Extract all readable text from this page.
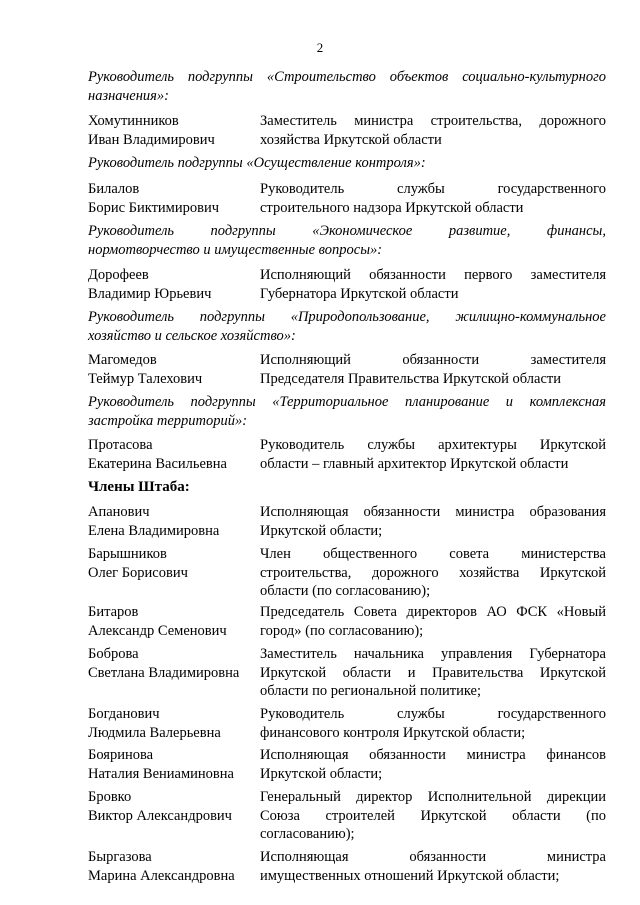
2
Руководитель подгруппы «Строительство объектов социально-культурного
назначения»:
Хомутинников
Иван Владимирович
Заместитель министра строительства, дорожного
хозяйства Иркутской области
Руководитель подгруппы «Осуществление контроля»:
Билалов
Борис Биктимирович
Руководитель службы государственного
строительного надзора Иркутской области
Руководитель подгруппы «Экономическое развитие, финансы,
нормотворчество и имущественные вопросы»:
Дорофеев
Владимир Юрьевич
Исполняющий обязанности первого заместителя
Губернатора Иркутской области
Руководитель подгруппы «Природопользование, жилищно-коммунальное
хозяйство и сельское хозяйство»:
Магомедов
Теймур Талехович
Исполняющий обязанности заместителя
Председателя Правительства Иркутской области
Руководитель подгруппы «Территориальное планирование и комплексная
застройка территорий»:
Протасова
Екатерина Васильевна
Руководитель службы архитектуры Иркутской
области – главный архитектор Иркутской области
Члены Штаба:
Апанович
Елена Владимировна
Исполняющая обязанности министра образования
Иркутской области;
Барышников
Олег Борисович
Член общественного совета министерства
строительства, дорожного хозяйства Иркутской
области (по согласованию);
Битаров
Александр Семенович
Председатель Совета директоров АО ФСК «Новый
город» (по согласованию);
Боброва
Светлана Владимировна
Заместитель начальника управления Губернатора
Иркутской области и Правительства Иркутской
области по региональной политике;
Богданович
Людмила Валерьевна
Руководитель службы государственного
финансового контроля Иркутской области;
Бояринова
Наталия Вениаминовна
Исполняющая обязанности министра финансов
Иркутской области;
Бровко
Виктор Александрович
Генеральный директор Исполнительной дирекции
Союза строителей Иркутской области (по
согласованию);
Быргазова
Марина Александровна
Исполняющая обязанности министра
имущественных отношений Иркутской области;
